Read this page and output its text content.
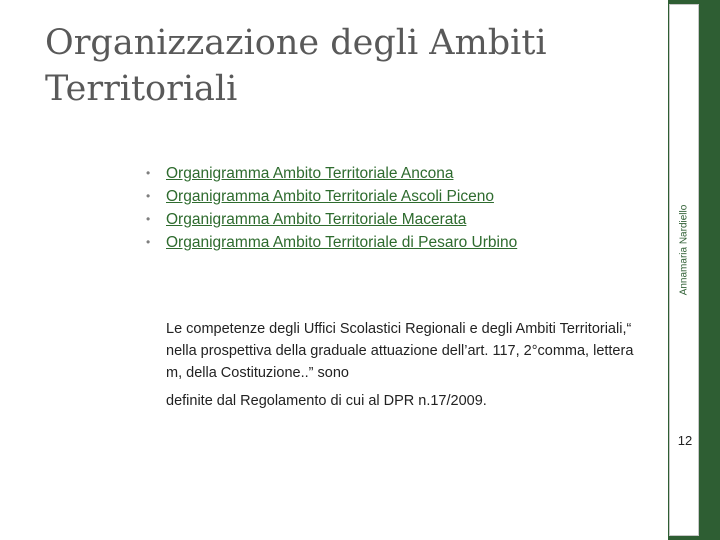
Organizzazione degli Ambiti Territoriali
• Organigramma Ambito Territoriale Ancona
• Organigramma Ambito Territoriale Ascoli Piceno
• Organigramma Ambito Territoriale Macerata
• Organigramma Ambito Territoriale di Pesaro Urbino

Le competenze degli Uffici Scolastici Regionali e degli Ambiti Territoriali,“ nella prospettiva della graduale attuazione dell’art. 117, 2°comma, lettera m, della Costituzione..” sono

definite dal Regolamento di cui al DPR n.17/2009.

Annamaria Nardiello
12
